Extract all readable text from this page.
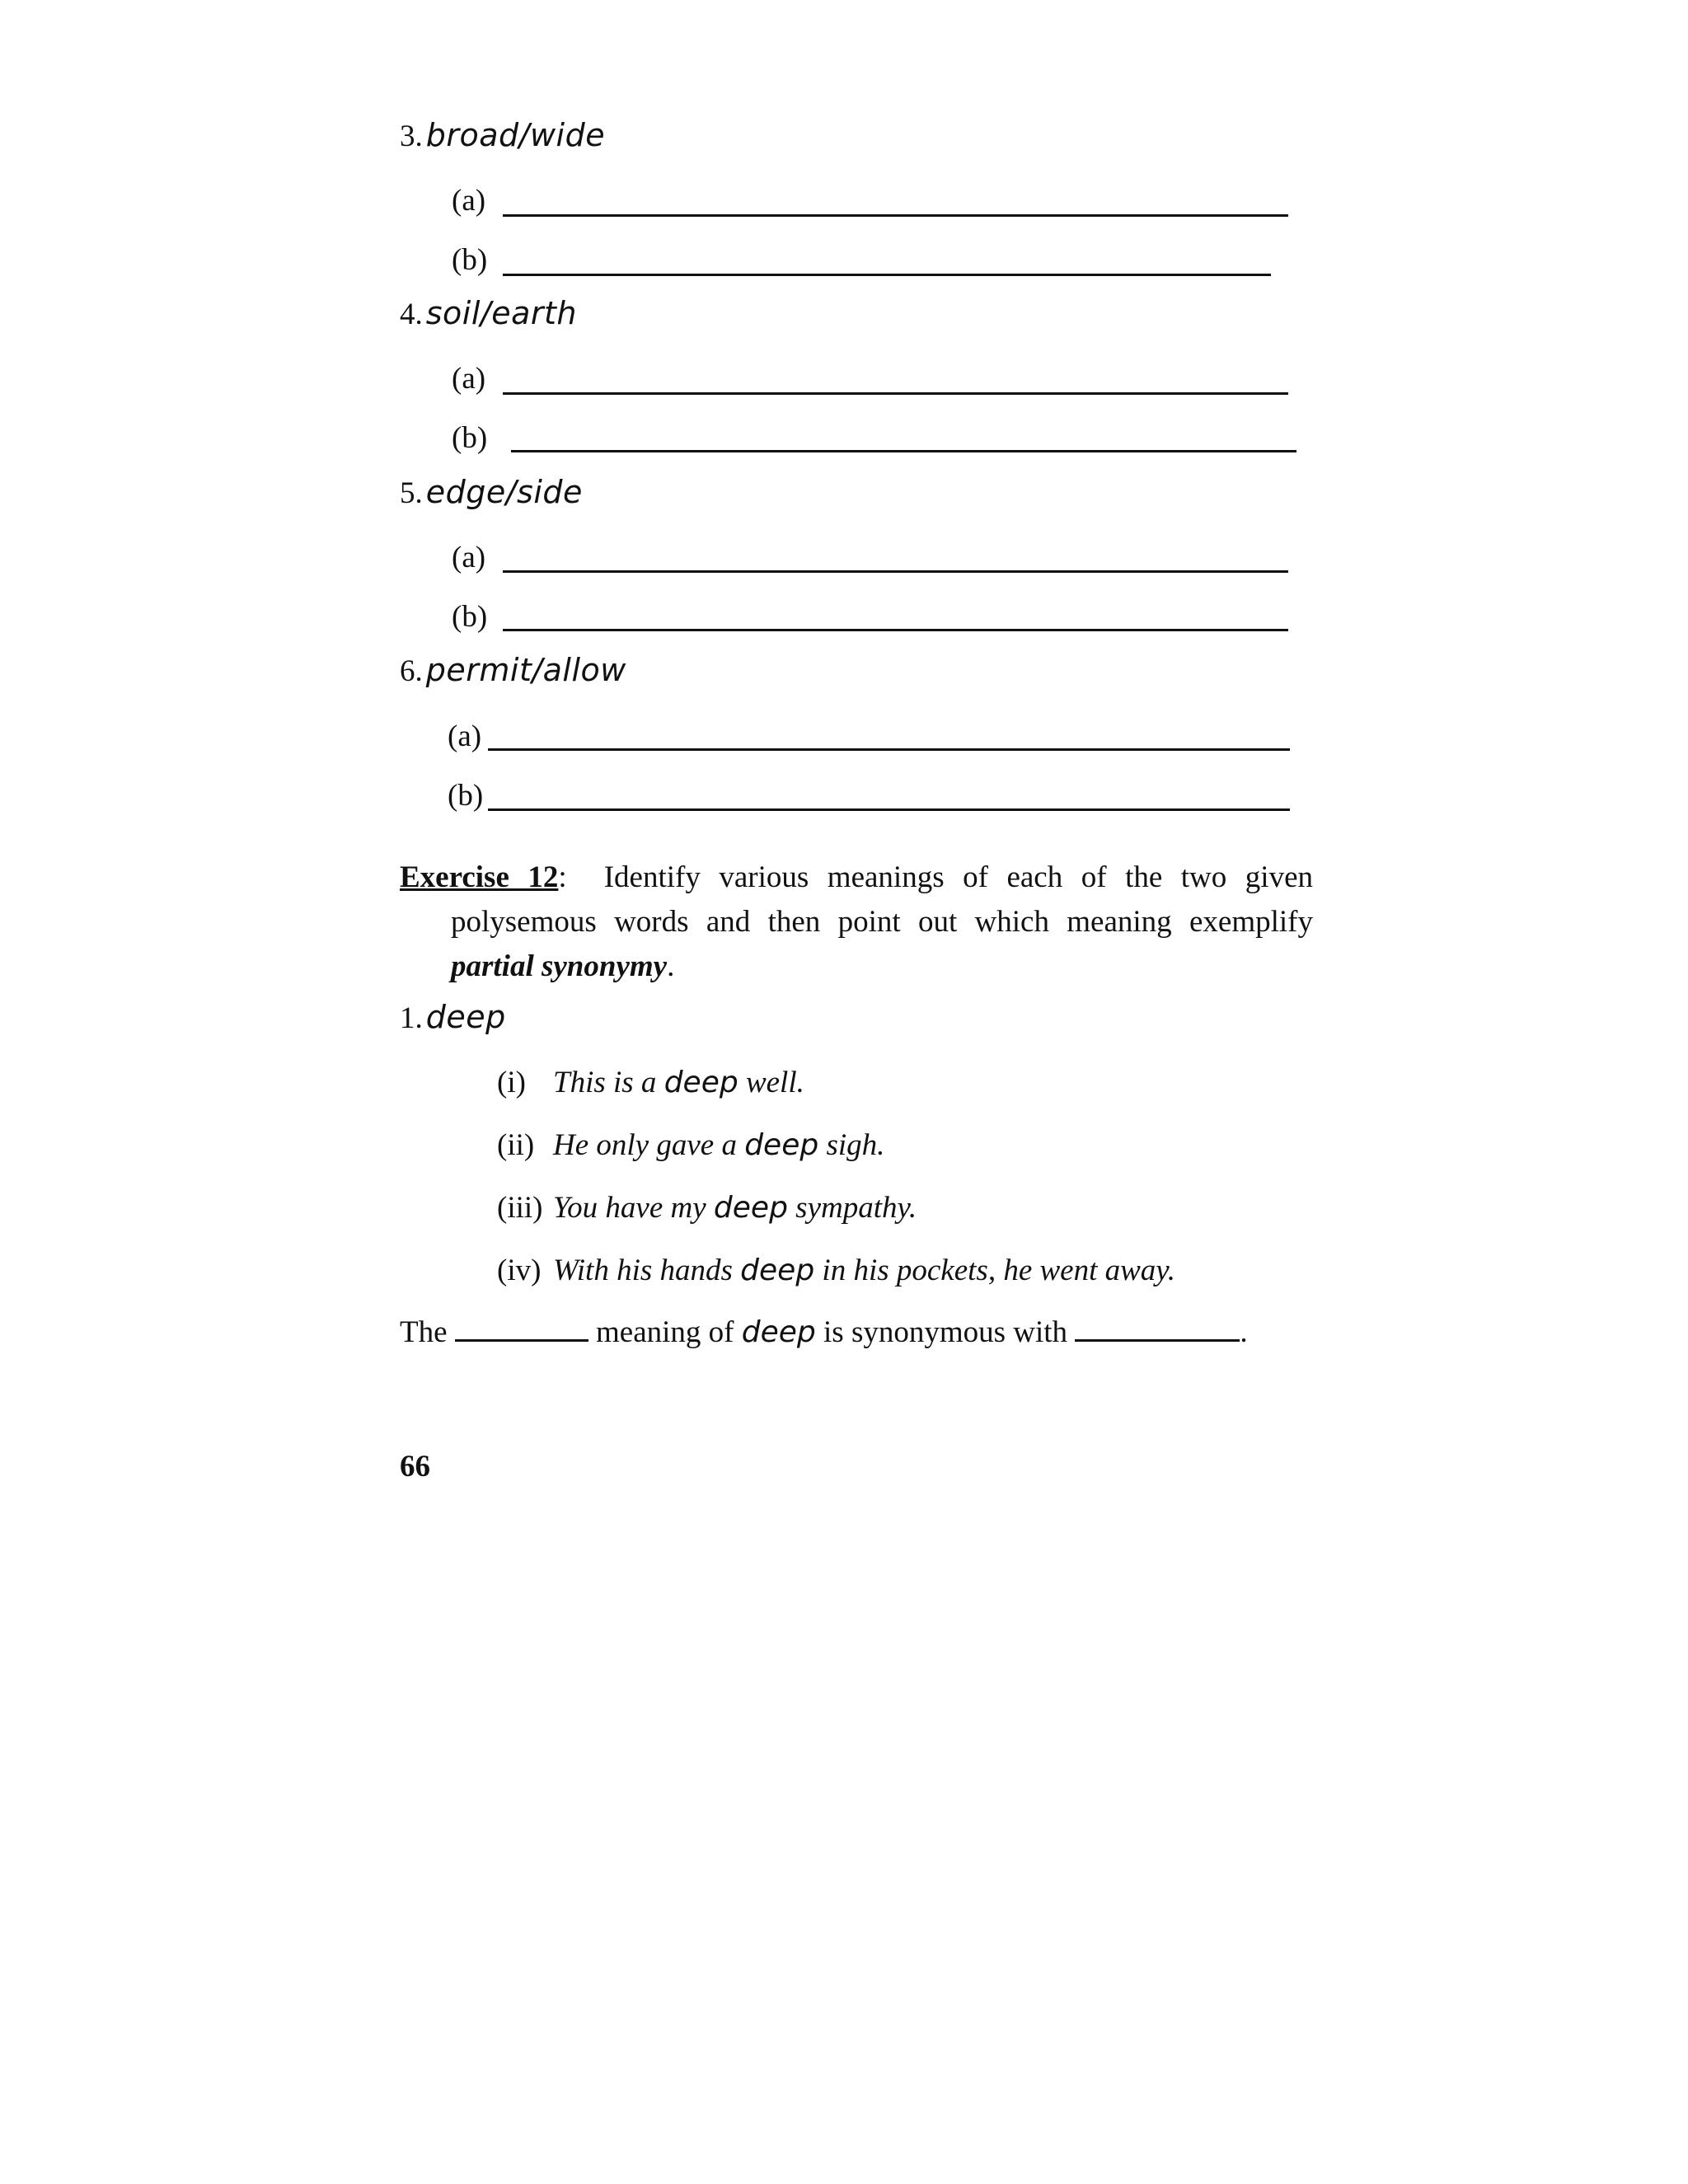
3. broad/wide
(a)
(b)
4. soil/earth
(a)
(b)
5. edge/side
(a)
(b)
6. permit/allow
(a)
(b)
Exercise 12: Identify various meanings of each of the two given polysemous words and then point out which meaning exemplify partial synonymy.
1. deep
(i) This is a deep well.
(ii) He only gave a deep sigh.
(iii) You have my deep sympathy.
(iv) With his hands deep in his pockets, he went away.
The	meaning of deep is synonymous with	.
66
